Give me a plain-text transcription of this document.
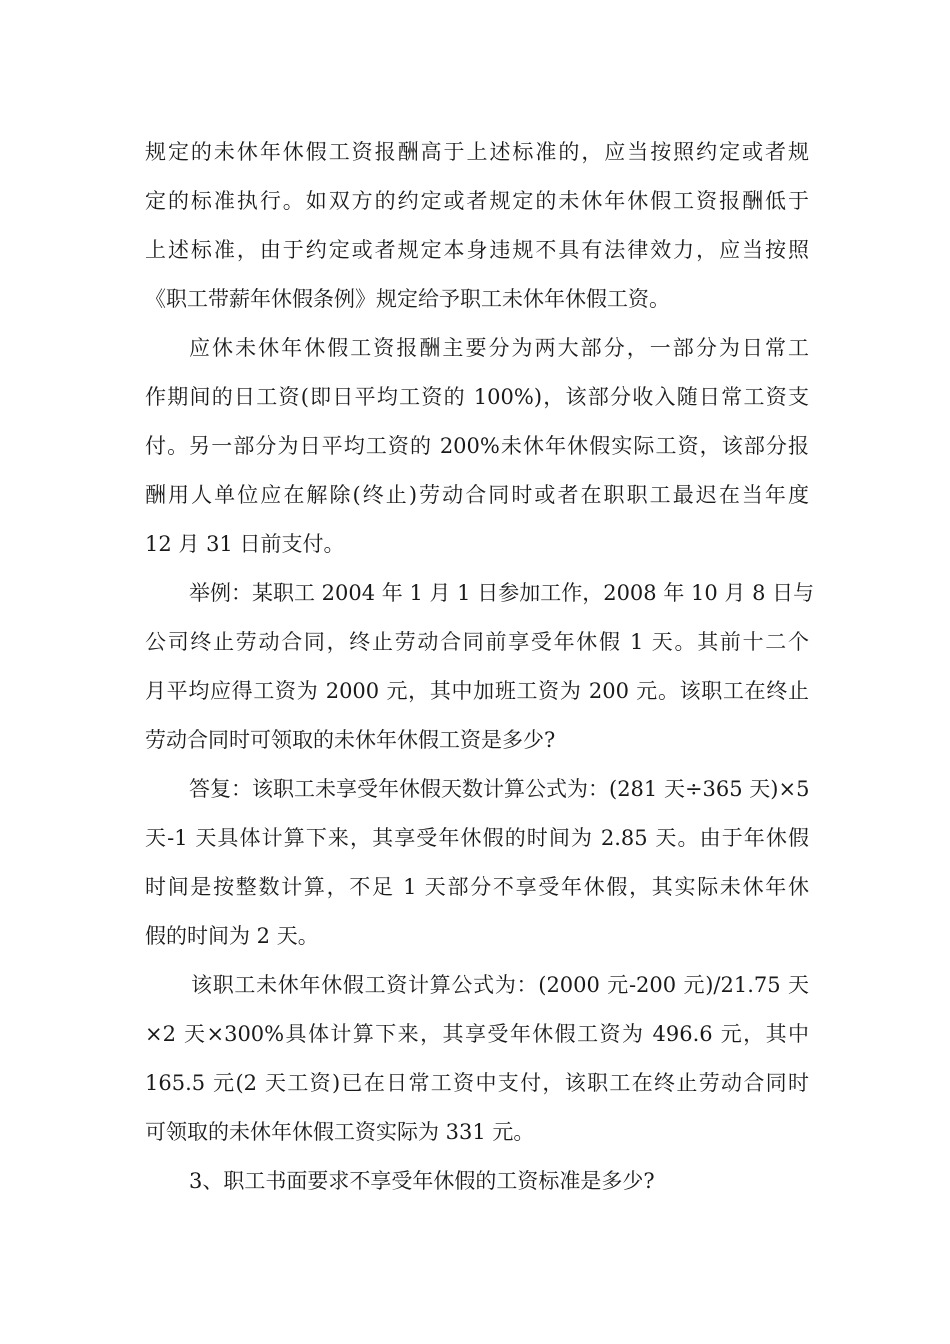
规定的未休年休假工资报酬高于上述标准的，应当按照约定或者规
定的标准执行。如双方的约定或者规定的未休年休假工资报酬低于
上述标准，由于约定或者规定本身违规不具有法律效力，应当按照
《职工带薪年休假条例》规定给予职工未休年休假工资。
应休未休年休假工资报酬主要分为两大部分，一部分为日常工
作期间的日工资(即日平均工资的 100%)，该部分收入随日常工资支
付。另一部分为日平均工资的 200%未休年休假实际工资，该部分报
酬用人单位应在解除(终止)劳动合同时或者在职职工最迟在当年度
12 月 31 日前支付。
举例：某职工 2004 年 1 月 1 日参加工作，2008 年 10 月 8 日与
公司终止劳动合同，终止劳动合同前享受年休假 1 天。其前十二个
月平均应得工资为 2000 元，其中加班工资为 200 元。该职工在终止
劳动合同时可领取的未休年休假工资是多少?
答复：该职工未享受年休假天数计算公式为：(281 天÷365 天)×5
天-1 天具体计算下来，其享受年休假的时间为 2.85 天。由于年休假
时间是按整数计算，不足 1 天部分不享受年休假，其实际未休年休
假的时间为 2 天。
该职工未休年休假工资计算公式为：(2000 元-200 元)/21.75 天
×2 天×300%具体计算下来，其享受年休假工资为 496.6 元，其中
165.5 元(2 天工资)已在日常工资中支付，该职工在终止劳动合同时
可领取的未休年休假工资实际为 331 元。
3、职工书面要求不享受年休假的工资标准是多少?
